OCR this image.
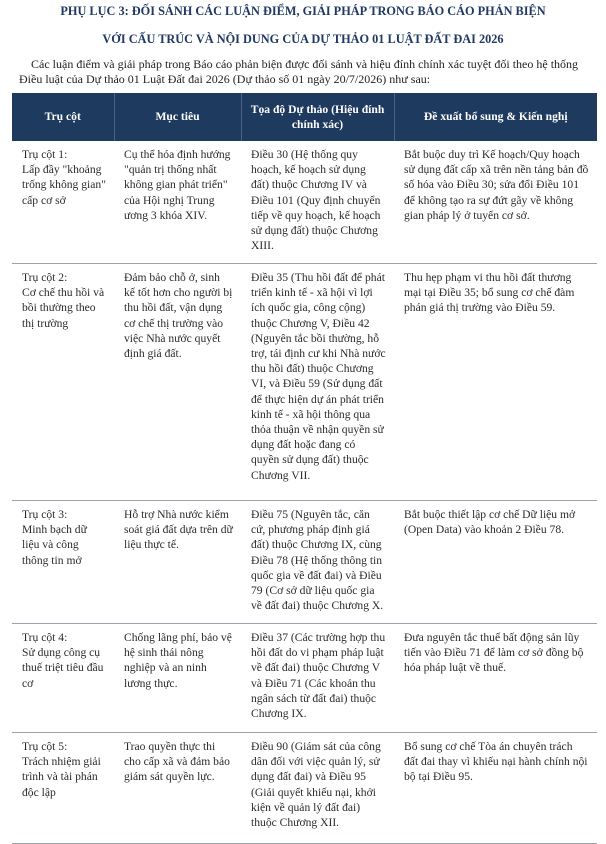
PHỤ LỤC 3: ĐỐI SÁNH CÁC LUẬN ĐIỂM, GIẢI PHÁP TRONG BÁO CÁO PHẢN BIỆN
VỚI CẤU TRÚC VÀ NỘI DUNG CỦA DỰ THẢO 01 LUẬT ĐẤT ĐAI 2026
Các luận điểm và giải pháp trong Báo cáo phản biện được đối sánh và hiệu đính chính xác tuyệt đối theo hệ thống Điều luật của Dự thảo 01 Luật Đất đai 2026 (Dự thảo số 01 ngày 20/7/2026) như sau:
Trụ cột	Mục tiêu	Tọa độ Dự thảo (Hiệu đính chính xác)	Đề xuất bổ sung & Kiến nghị
Trụ cột 1:
Lấp đầy "khoảng trống không gian" cấp cơ sở	Cụ thể hóa định hướng "quản trị thống nhất không gian phát triển" của Hội nghị Trung ương 3 khóa XIV.	Điều 30 (Hệ thống quy hoạch, kế hoạch sử dụng đất) thuộc Chương IV và Điều 101 (Quy định chuyển tiếp về quy hoạch, kế hoạch sử dụng đất) thuộc Chương XIII.	Bắt buộc duy trì Kế hoạch/Quy hoạch sử dụng đất cấp xã trên nền tảng bản đồ số hóa vào Điều 30; sửa đổi Điều 101 để không tạo ra sự đứt gãy về không gian pháp lý ở tuyến cơ sở.
Trụ cột 2:
Cơ chế thu hồi và bồi thường theo thị trường	Đảm bảo chỗ ở, sinh kế tốt hơn cho người bị thu hồi đất, vận dụng cơ chế thị trường vào việc Nhà nước quyết định giá đất.	Điều 35 (Thu hồi đất để phát triển kinh tế - xã hội vì lợi ích quốc gia, công cộng) thuộc Chương V, Điều 42 (Nguyên tắc bồi thường, hỗ trợ, tái định cư khi Nhà nước thu hồi đất) thuộc Chương VI, và Điều 59 (Sử dụng đất để thực hiện dự án phát triển kinh tế - xã hội thông qua thỏa thuận về nhận quyền sử dụng đất hoặc đang có quyền sử dụng đất) thuộc Chương VII.	Thu hẹp phạm vi thu hồi đất thương mại tại Điều 35; bổ sung cơ chế đàm phán giá thị trường vào Điều 59.
Trụ cột 3:
Minh bạch dữ liệu và công thông tin mở	Hỗ trợ Nhà nước kiểm soát giá đất dựa trên dữ liệu thực tế.	Điều 75 (Nguyên tắc, căn cứ, phương pháp định giá đất) thuộc Chương IX, cùng Điều 78 (Hệ thống thông tin quốc gia về đất đai) và Điều 79 (Cơ sở dữ liệu quốc gia về đất đai) thuộc Chương X.	Bắt buộc thiết lập cơ chế Dữ liệu mở (Open Data) vào khoản 2 Điều 78.
Trụ cột 4:
Sử dụng công cụ thuế triệt tiêu đầu cơ	Chống lãng phí, bảo vệ hệ sinh thái nông nghiệp và an ninh lương thực.	Điều 37 (Các trường hợp thu hồi đất do vi phạm pháp luật về đất đai) thuộc Chương V và Điều 71 (Các khoản thu ngân sách từ đất đai) thuộc Chương IX.	Đưa nguyên tắc thuế bất động sản lũy tiến vào Điều 71 để làm cơ sở đồng bộ hóa pháp luật về thuế.
Trụ cột 5:
Trách nhiệm giải trình và tài phán độc lập	Trao quyền thực thi cho cấp xã và đảm bảo giám sát quyền lực.	Điều 90 (Giám sát của công dân đối với việc quản lý, sử dụng đất đai) và Điều 95 (Giải quyết khiếu nại, khởi kiện về quản lý đất đai) thuộc Chương XII.	Bổ sung cơ chế Tòa án chuyên trách đất đai thay vì khiếu nại hành chính nội bộ tại Điều 95.
